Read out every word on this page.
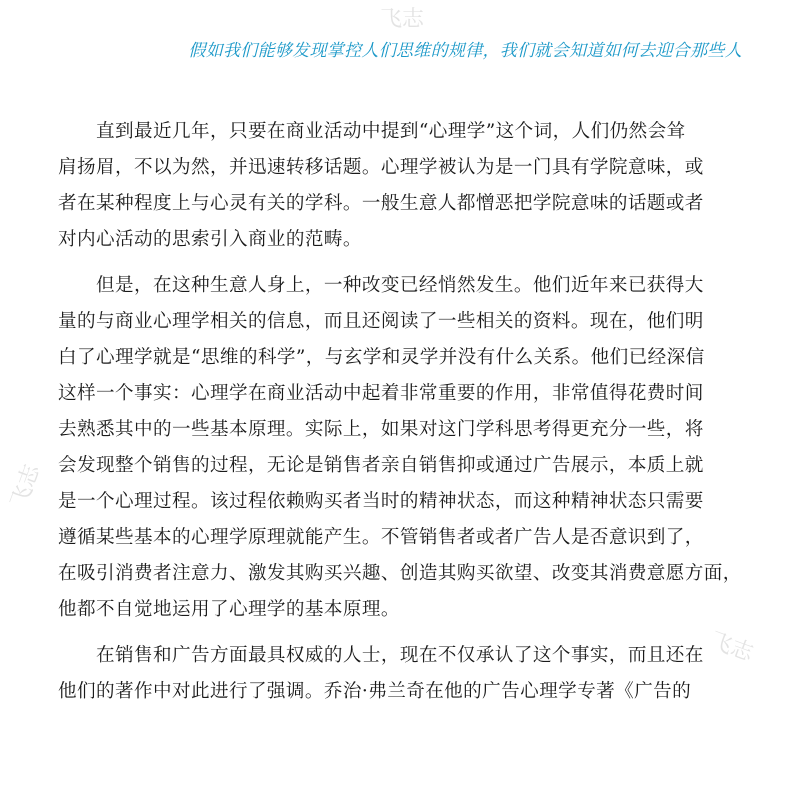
飞志
飞志
飞志
假如我们能够发现掌控人们思维的规律，我们就会知道如何去迎合那些人
　　直到最近几年，只要在商业活动中提到“心理学”这个词，人们仍然会耸
肩扬眉，不以为然，并迅速转移话题。心理学被认为是一门具有学院意味，或
者在某种程度上与心灵有关的学科。一般生意人都憎恶把学院意味的话题或者
对内心活动的思索引入商业的范畴。
　　但是，在这种生意人身上，一种改变已经悄然发生。他们近年来已获得大
量的与商业心理学相关的信息，而且还阅读了一些相关的资料。现在，他们明
白了心理学就是“思维的科学”，与玄学和灵学并没有什么关系。他们已经深信
这样一个事实：心理学在商业活动中起着非常重要的作用，非常值得花费时间
去熟悉其中的一些基本原理。实际上，如果对这门学科思考得更充分一些，将
会发现整个销售的过程，无论是销售者亲自销售抑或通过广告展示，本质上就
是一个心理过程。该过程依赖购买者当时的精神状态，而这种精神状态只需要
遵循某些基本的心理学原理就能产生。不管销售者或者广告人是否意识到了，
在吸引消费者注意力、激发其购买兴趣、创造其购买欲望、改变其消费意愿方面，
他都不自觉地运用了心理学的基本原理。
　　在销售和广告方面最具权威的人士，现在不仅承认了这个事实，而且还在
他们的著作中对此进行了强调。乔治·弗兰奇在他的广告心理学专著《广告的
